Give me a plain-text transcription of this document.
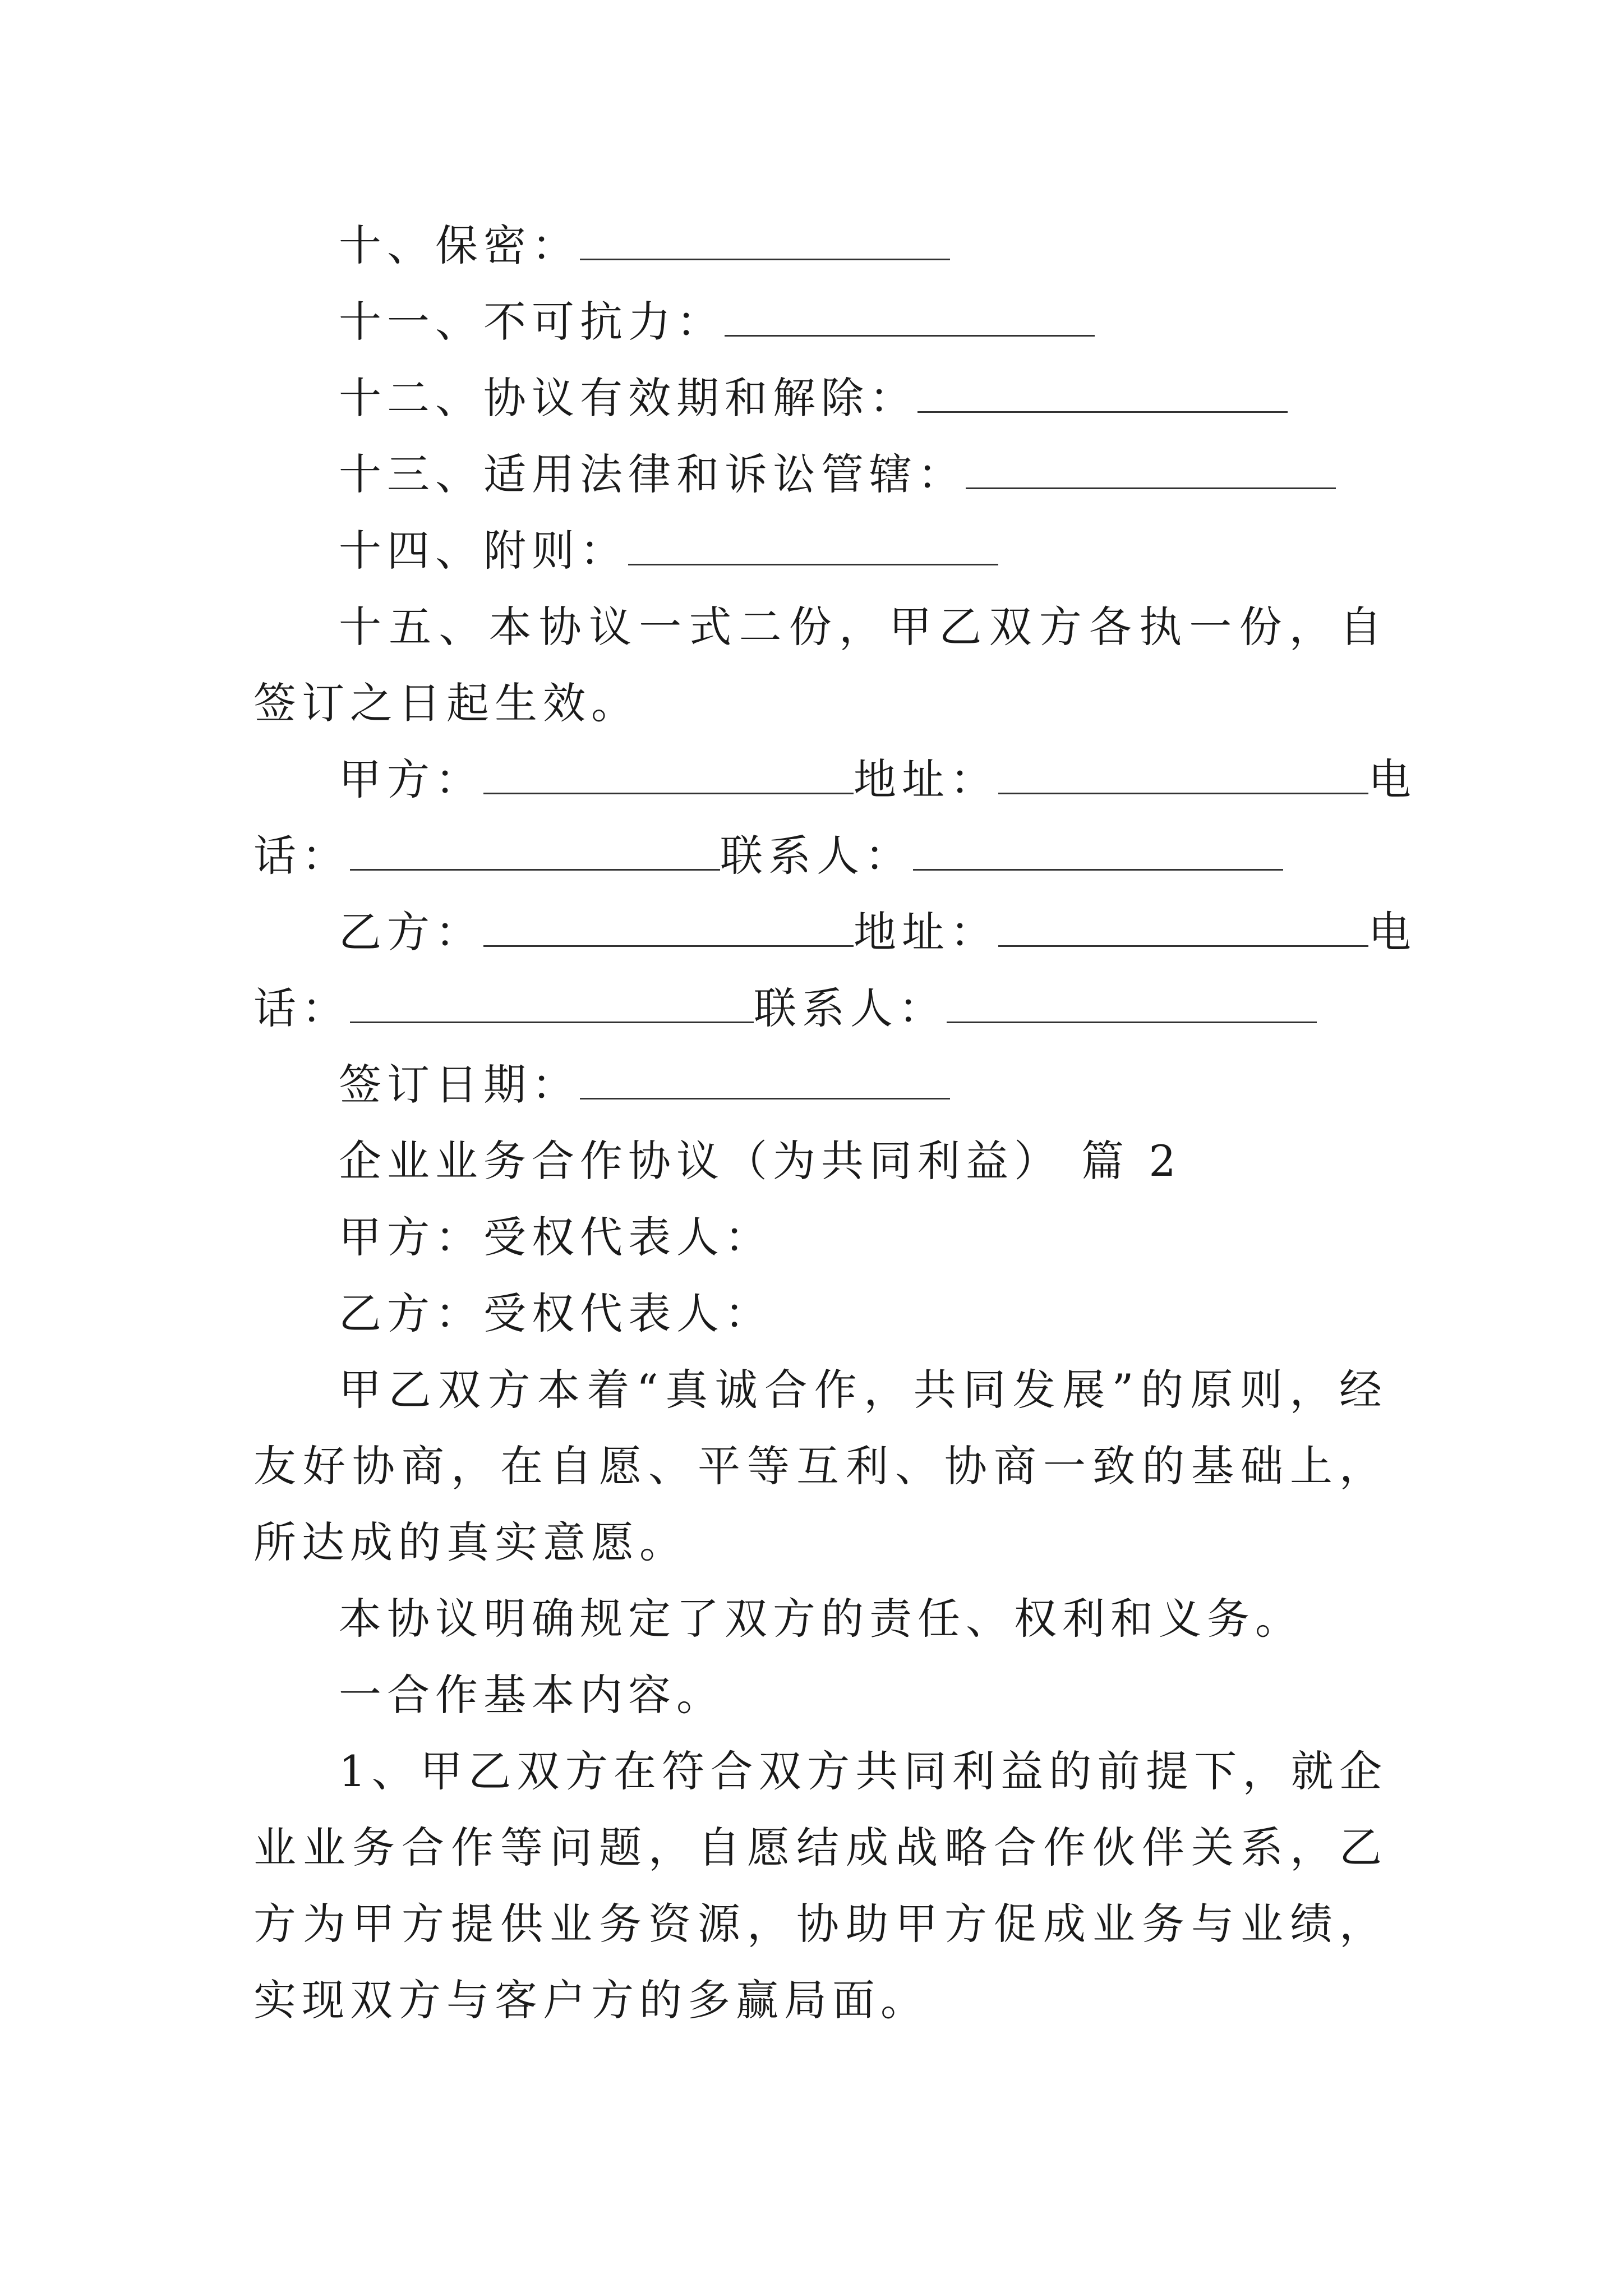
十、保密：
十一、不可抗力：
十二、协议有效期和解除：
十三、适用法律和诉讼管辖：
十四、附则：
十五、本协议一式二份，甲乙双方各执一份，自签订之日起生效。
甲方：	地址：	电
话：	联系人：
乙方：	地址：	电
话：	联系人：
签订日期：
企业业务合作协议（为共同利益） 篇 2
甲方：受权代表人：
乙方：受权代表人：
甲乙双方本着“真诚合作，共同发展”的原则，经友好协商，在自愿、平等互利、协商一致的基础上，所达成的真实意愿。
本协议明确规定了双方的责任、权利和义务。
一合作基本内容。
1、甲乙双方在符合双方共同利益的前提下，就企业业务合作等问题，自愿结成战略合作伙伴关系，乙方为甲方提供业务资源，协助甲方促成业务与业绩，实现双方与客户方的多赢局面。
